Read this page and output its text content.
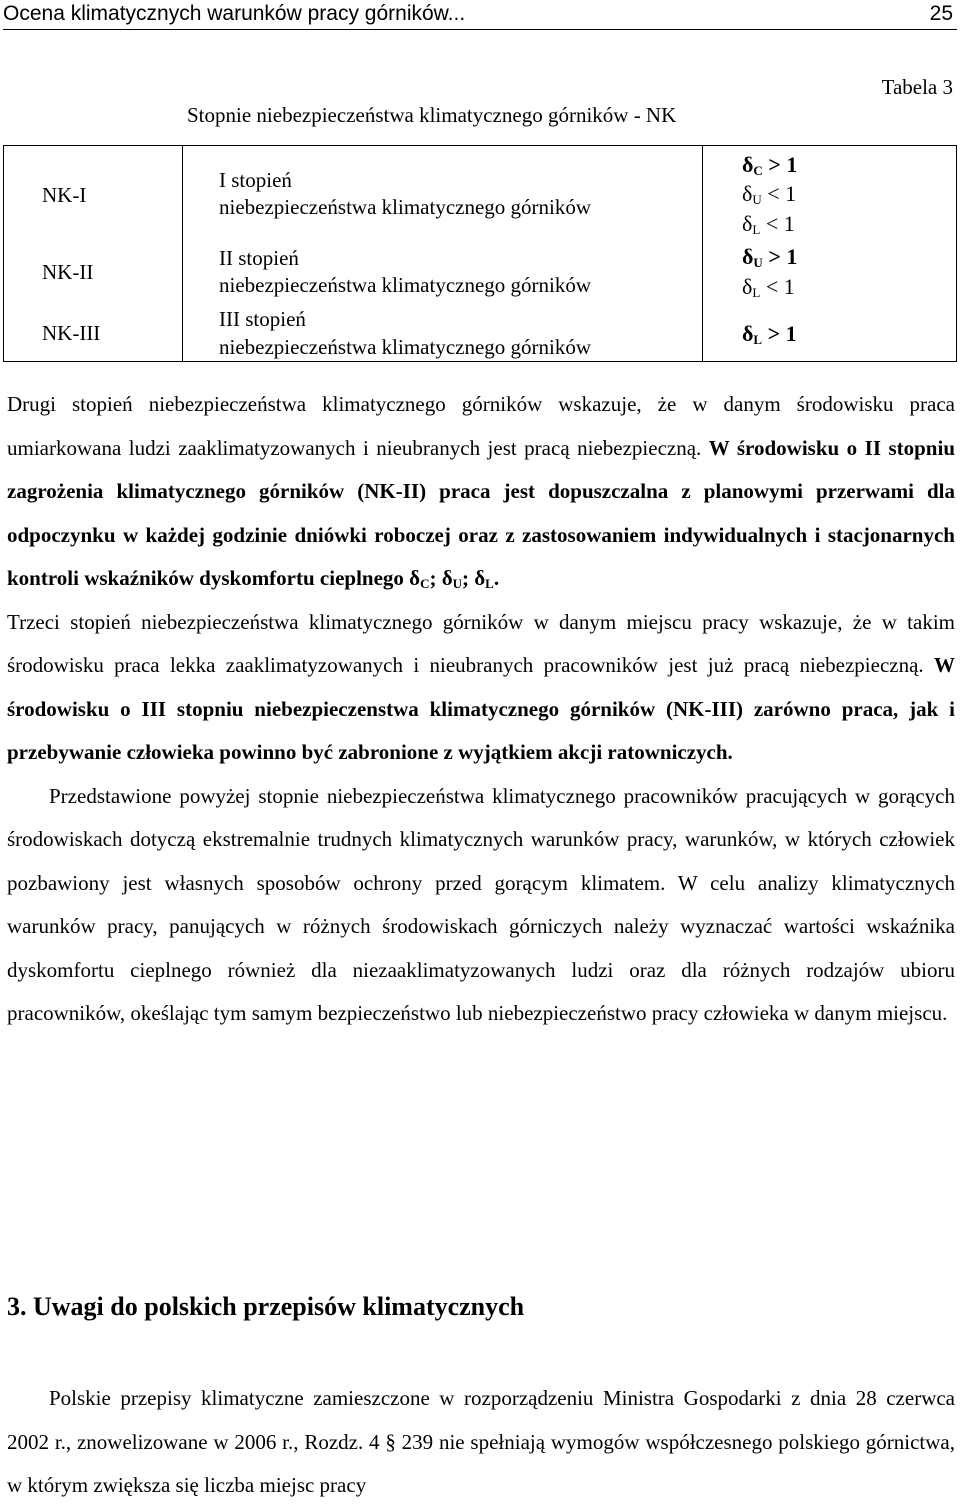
Ocena klimatycznych warunków pracy górników...	25
Tabela 3
Stopnie niebezpieczeństwa klimatycznego górników - NK
NK-I
NK-II
NK-III
I stopień
niebezpieczeństwa klimatycznego górników
II stopień
niebezpieczeństwa klimatycznego górników
III stopień
niebezpieczeństwa klimatycznego górników
$\delta_C > 1$
$\delta_U < 1$
$\delta_L < 1$
$\delta_U > 1$
$\delta_L < 1$
$\delta_L > 1$

Drugi stopień niebezpieczeństwa klimatycznego górników wskazuje, że w danym środowisku praca umiarkowana ludzi zaaklimatyzowanych i nieubranych jest pracą niebezpieczną. W środowisku o II stopniu zagrożenia klimatycznego górników (NK-II) praca jest dopuszczalna z planowymi przerwami dla odpoczynku w każdej godzinie dniówki roboczej oraz z zastosowaniem indywidualnych i stacjonarnych kontroli wskaźników dyskomfortu cieplnego $\delta_C$; $\delta_U$; $\delta_L$.

Trzeci stopień niebezpieczeństwa klimatycznego górników w danym miejscu pracy wskazuje, że w takim środowisku praca lekka zaaklimatyzowanych i nieubranych pracowników jest już pracą niebezpieczną. W środowisku o III stopniu niebezpieczenstwa klimatycznego górników (NK-III) zarówno praca, jak i przebywanie człowieka powinno być zabronione z wyjątkiem akcji ratowniczych.

Przedstawione powyżej stopnie niebezpieczeństwa klimatycznego pracowników pracujących w gorących środowiskach dotyczą ekstremalnie trudnych klimatycznych warunków pracy, warunków, w których człowiek pozbawiony jest własnych sposobów ochrony przed gorącym klimatem. W celu analizy klimatycznych warunków pracy, panujących w różnych środowiskach górniczych należy wyznaczać wartości wskaźnika dyskomfortu cieplnego również dla niezaaklimatyzowanych ludzi oraz dla różnych rodzajów ubioru pracowników, okeślając tym samym bezpieczeństwo lub niebezpieczeństwo pracy człowieka w danym miejscu.

3. Uwagi do polskich przepisów klimatycznych

Polskie przepisy klimatyczne zamieszczone w rozporządzeniu Ministra Gospodarki z dnia 28 czerwca 2002 r., znowelizowane w 2006 r., Rozdz. 4 § 239 nie spełniają wymogów współczesnego polskiego górnictwa, w którym zwiększa się liczba miejsc pracy
